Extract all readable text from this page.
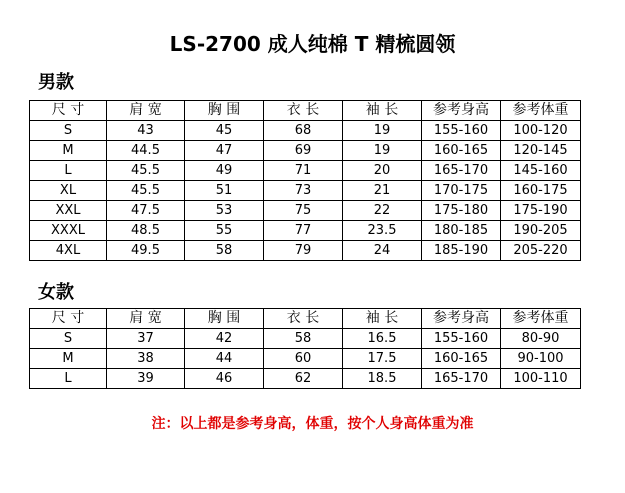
LS-2700 成人纯棉 T 精梳圆领
男款
尺 寸	肩 宽	胸 围	衣 长	袖 长	参考身高	参考体重
S	43	45	68	19	155-160	100-120
M	44.5	47	69	19	160-165	120-145
L	45.5	49	71	20	165-170	145-160
XL	45.5	51	73	21	170-175	160-175
XXL	47.5	53	75	22	175-180	175-190
XXXL	48.5	55	77	23.5	180-185	190-205
4XL	49.5	58	79	24	185-190	205-220
女款
尺 寸	肩 宽	胸 围	衣 长	袖 长	参考身高	参考体重
S	37	42	58	16.5	155-160	80-90
M	38	44	60	17.5	160-165	90-100
L	39	46	62	18.5	165-170	100-110
注：以上都是参考身高，体重，按个人身高体重为准
